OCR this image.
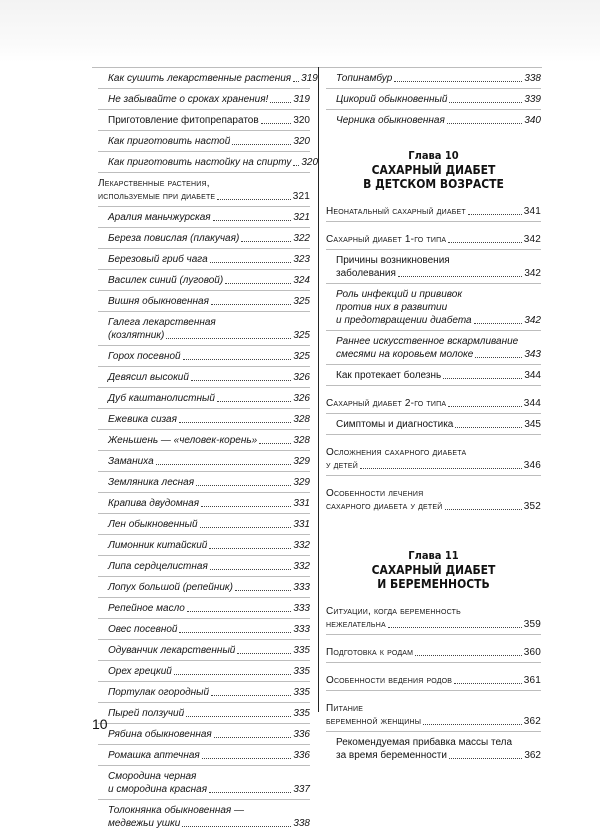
Как сушить лекарственные растения 319
Не забывайте о сроках хранения! 319
Приготовление фитопрепаратов	320
Как приготовить настой	320
Как приготовить настойку на спирту 320
Лекарственные растения,
используемые при диабете	321
Аралия маньчжурская	321
Береза повислая (плакучая)	322
Березовый гриб чага	323
Василек синий (луговой)	324
Вишня обыкновенная	325
Галега лекарственная
(козлятник)	325
Горох посевной	325
Девясил высокий	326
Дуб каштанолистный	326
Ежевика сизая	328
Женьшень — «человек-корень»	328
Заманиха	329
Земляника лесная	329
Крапива двудомная	331
Лен обыкновенный	331
Лимонник китайский	332
Липа сердцелистная	332
Лопух большой (репейник)	333
Репейное масло	333
Овес посевной	333
Одуванчик лекарственный	335
Орех грецкий	335
Портулак огородный	335
Пырей ползучий	335
Рябина обыкновенная	336
Ромашка аптечная	336
Смородина черная
и смородина красная	337
Толокнянка обыкновенная —
медвежьи ушки	338
Топинамбур	338
Цикорий обыкновенный	339
Черника обыкновенная	340
Глава 10
САХАРНЫЙ ДИАБЕТ
В ДЕТСКОМ ВОЗРАСТЕ
Неонатальный сахарный диабет	341
Сахарный диабет 1-го типа	342
Причины возникновения
заболевания	342
Роль инфекций и прививок
против них в развитии
и предотвращении диабета	342
Раннее искусственное вскармливание
смесями на коровьем молоке	343
Как протекает болезнь	344
Сахарный диабет 2-го типа	344
Симптомы и диагностика	345
Осложнения сахарного диабета
у детей	346
Особенности лечения
сахарного диабета у детей	352
Глава 11
САХАРНЫЙ ДИАБЕТ
И БЕРЕМЕННОСТЬ
Ситуации, когда беременность
нежелательна	359
Подготовка к родам	360
Особенности ведения родов	361
Питание
беременной женщины	362
Рекомендуемая прибавка массы тела
за время беременности	362
10
